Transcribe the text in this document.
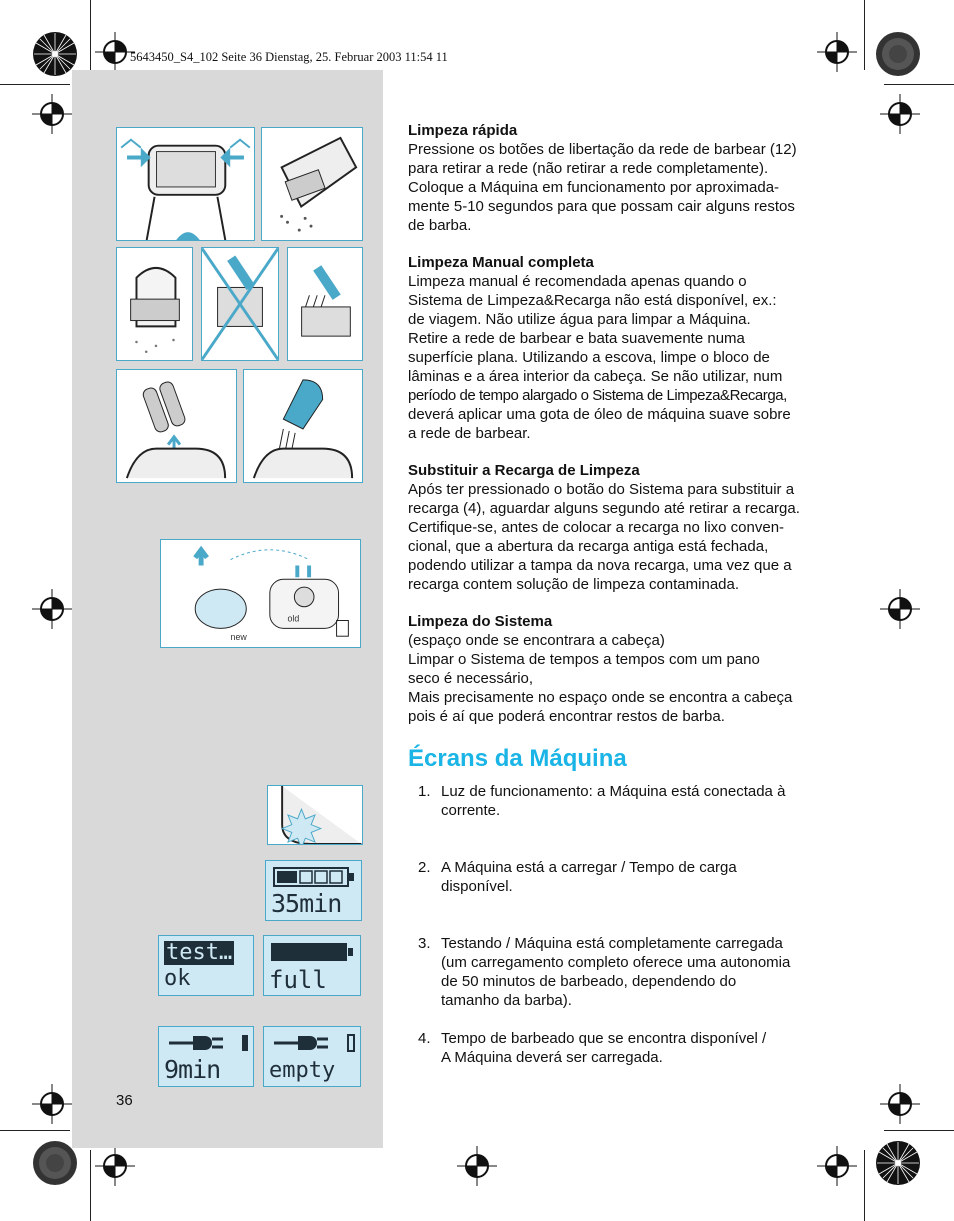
5643450_S4_102 Seite 36 Dienstag, 25. Februar 2003 11:54 11
new
old
35min
test…
ok	full
9min empty
Limpeza rápida

Pressione os botões de libertação da rede de barbear (12)
para retirar a rede (não retirar a rede completamente).
Coloque a Máquina em funcionamento por aproximada-
mente 5-10 segundos para que possam cair alguns restos
de barba.

Limpeza Manual completa

Limpeza manual é recomendada apenas quando o
Sistema de Limpeza&Recarga não está disponível, ex.:
de viagem. Não utilize água para limpar a Máquina.
Retire a rede de barbear e bata suavemente numa
superfície plana. Utilizando a escova, limpe o bloco de
lâminas e a área interior da cabeça. Se não utilizar, num
período de tempo alargado o Sistema de Limpeza&Recarga,
deverá aplicar uma gota de óleo de máquina suave sobre
a rede de barbear.

Substituir a Recarga de Limpeza

Após ter pressionado o botão do Sistema para substituir a
recarga (4), aguardar alguns segundo até retirar a recarga.
Certifique-se, antes de colocar a recarga no lixo conven-
cional, que a abertura da recarga antiga está fechada,
podendo utilizar a tampa da nova recarga, uma vez que a
recarga contem solução de limpeza contaminada.

Limpeza do Sistema

(espaço onde se encontrara a cabeça)
Limpar o Sistema de tempos a tempos com um pano
seco é necessário,
Mais precisamente no espaço onde se encontra a cabeça
pois é aí que poderá encontrar restos de barba.

Écrans da Máquina
1. Luz de funcionamento: a Máquina está conectada à
corrente.
2. A Máquina está a carregar / Tempo de carga
disponível.
3. Testando / Máquina está completamente carregada
(um carregamento completo oferece uma autonomia
de 50 minutos de barbeado, dependendo do
tamanho da barba).
4. Tempo de barbeado que se encontra disponível /
A Máquina deverá ser carregada.
36
